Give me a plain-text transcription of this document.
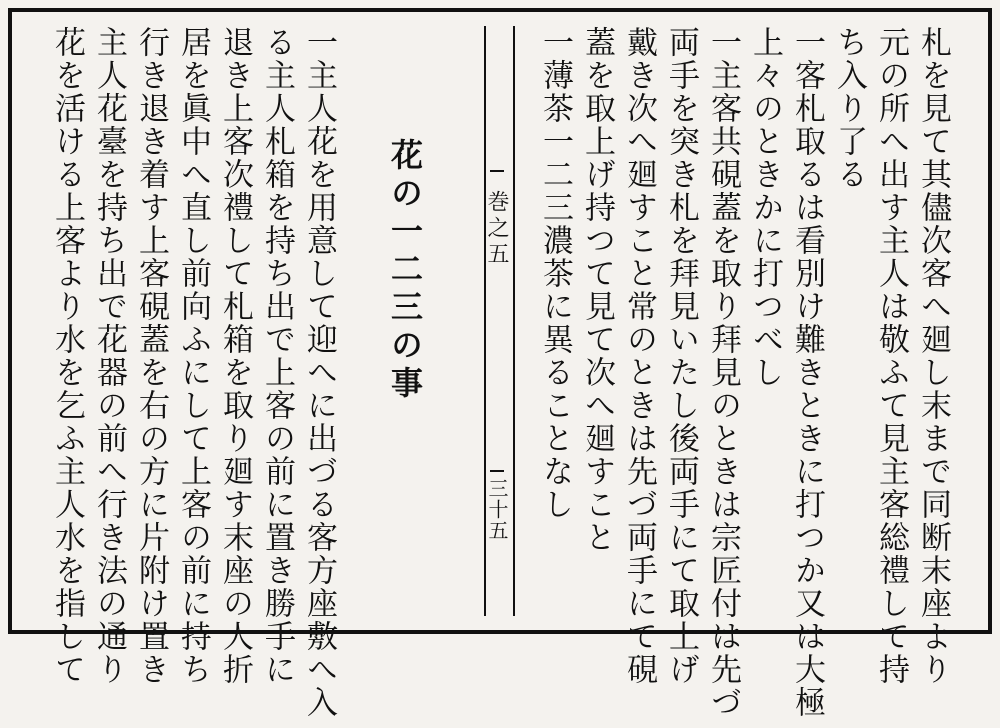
札を見て其儘次客へ廻し末まで同断末座より
元の所へ出す主人は敬ふて見主客総禮して持
ち入り了る
一客札取るは看別け難きときに打つか又は大極
上々のときかに打つべし
一主客共硯蓋を取り拜見のときは宗匠付は先づ
両手を突き札を拜見いたし後両手にて取上げ
戴き次へ廻すこと常のときは先づ両手にて硯
蓋を取上げ持つて見て次へ廻すこと
一薄茶一二三濃茶に異ることなし
巻之五
三十五
花の一二三の事
一主人花を用意して迎へに出づる客方座敷へ入
る主人札箱を持ち出で上客の前に置き勝手に
退き上客次禮して札箱を取り廻す末座の人折
居を眞中へ直し前向ふにして上客の前に持ち
行き退き着す上客硯蓋を右の方に片附け置き
主人花臺を持ち出で花器の前へ行き法の通り
花を活ける上客より水を乞ふ主人水を指して
